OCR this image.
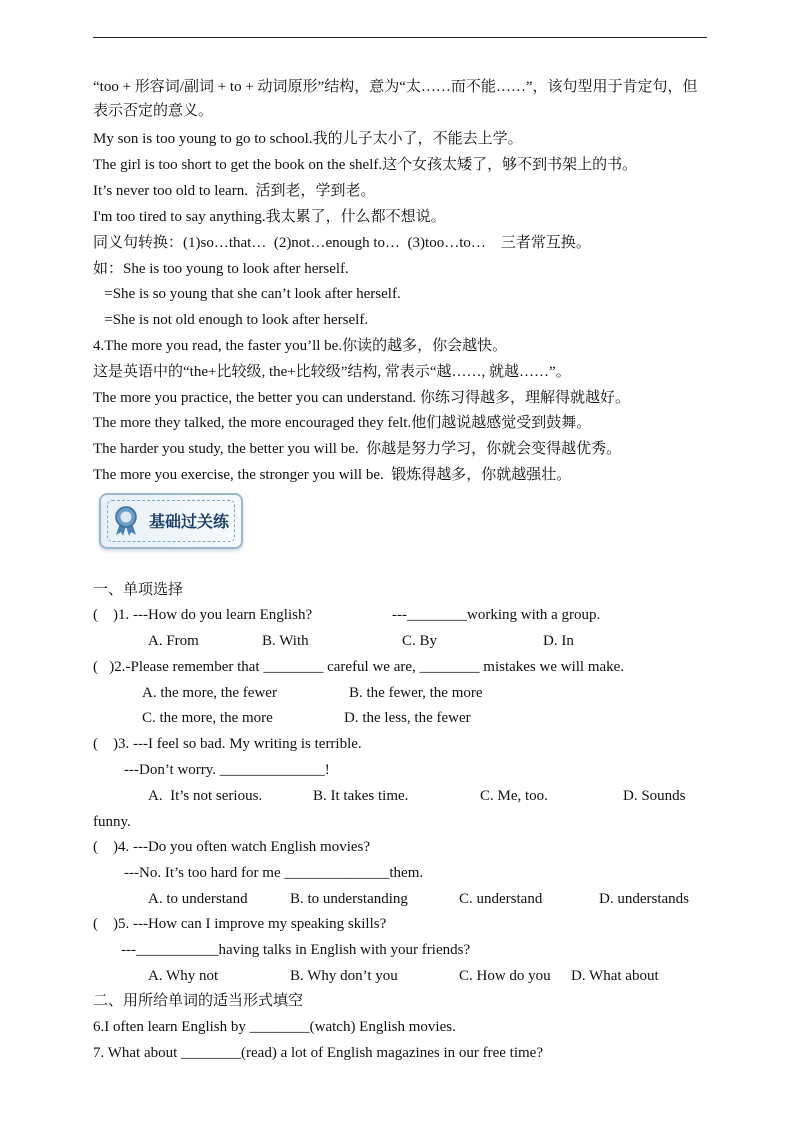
“too + 形容词/副词 + to + 动词原形”结构，意为“太……而不能……”，该句型用于肯定句，但表示否定的意义。
My son is too young to go to school.我的儿子太小了，不能去上学。
The girl is too short to get the book on the shelf.这个女孩太矮了，够不到书架上的书。
It’s never too old to learn.  活到老，学到老。
I'm too tired to say anything.我太累了，什么都不想说。
同义句转换：(1)so…that…  (2)not…enough to…  (3)too…to…    三者常互换。
如：She is too young to look after herself.
=She is so young that she can’t look after herself.
=She is not old enough to look after herself.
4.The more you read, the faster you’ll be.你读的越多，你会越快。
这是英语中的“the+比较级, the+比较级”结构, 常表示“越……, 就越……”。
The more you practice, the better you can understand. 你练习得越多，理解得就越好。
The more they talked, the more encouraged they felt.他们越说越感觉受到鼓舞。
The harder you study, the better you will be.  你越是努力学习，你就会变得越优秀。
The more you exercise, the stronger you will be.  锻炼得越多，你就越强壮。
基础过关练
一、单项选择
(    )1. ---How do you learn English?	---________working with a group.
A. From	B. With	C. By	D. In
(   )2.-Please remember that ________ careful we are, ________ mistakes we will make.
A. the more, the fewer	B. the fewer, the more
C. the more, the more	D. the less, the fewer
(    )3. ---I feel so bad. My writing is terrible.
---Don’t worry. ______________!
A.  It’s not serious.	B. It takes time.	C. Me, too.	D. Sounds
funny.
(    )4. ---Do you often watch English movies?
---No. It’s too hard for me ______________them.
A. to understand	B. to understanding	C. understand	D. understands
(    )5. ---How can I improve my speaking skills?
---___________having talks in English with your friends?
A. Why not	B. Why don’t you	C. How do you D. What about
二、用所给单词的适当形式填空
6.I often learn English by ________(watch) English movies.
7. What about ________(read) a lot of English magazines in our free time?
